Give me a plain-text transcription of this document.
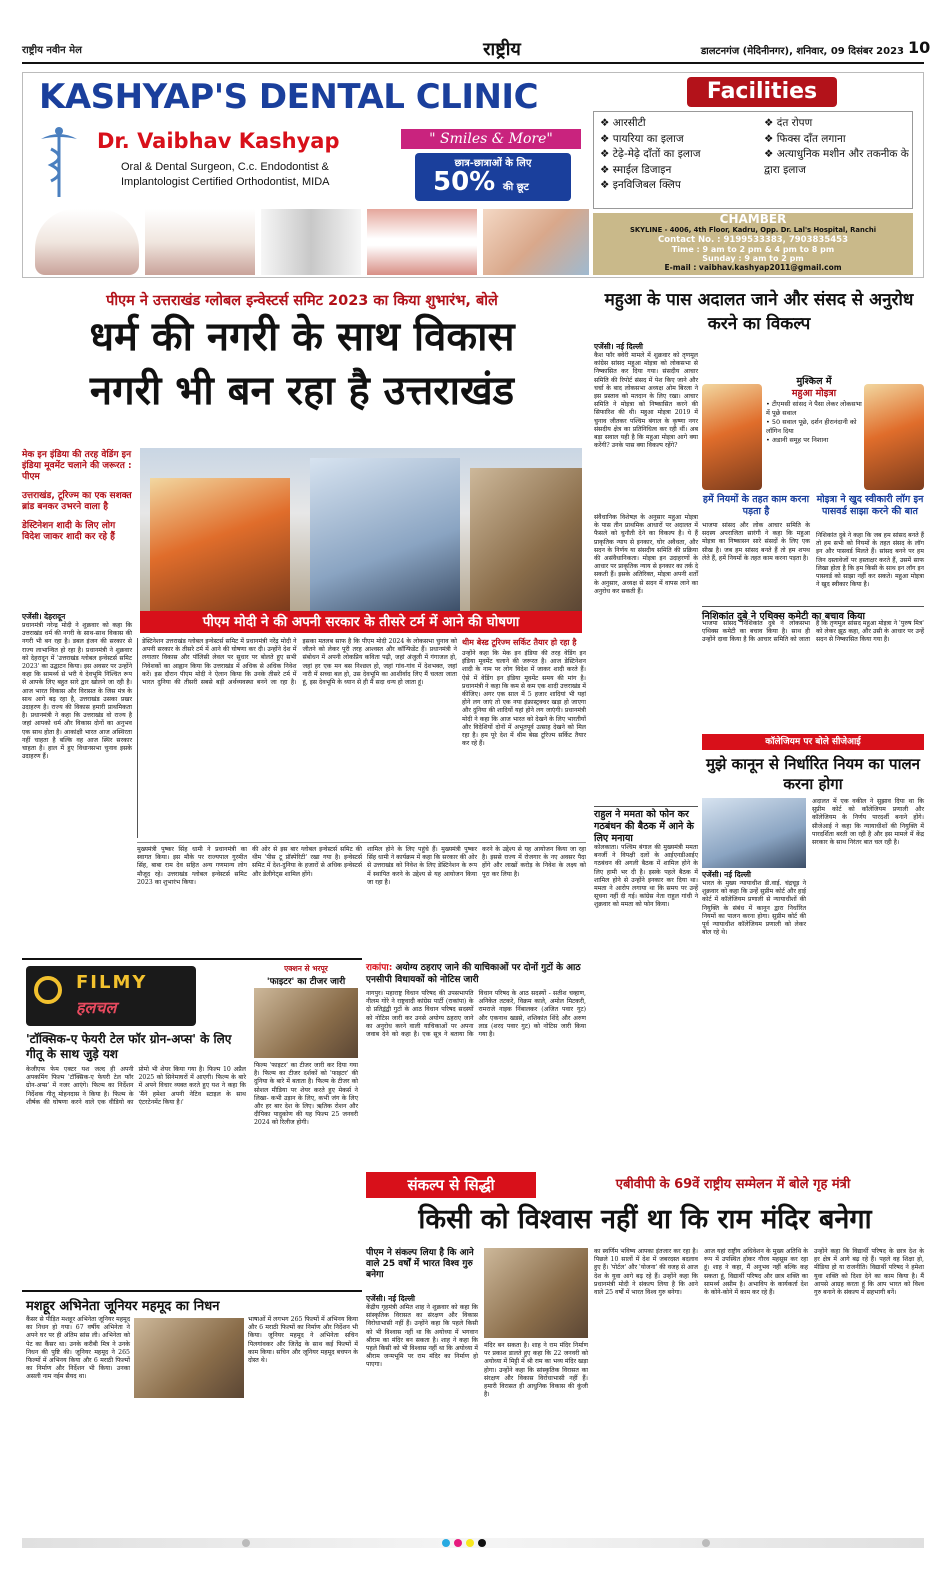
राष्ट्रीय नवीन मेल	राष्ट्रीय	डालटनगंज (मेदिनीनगर), शनिवार, 09 दिसंबर 2023 10
KASHYAP'S DENTAL CLINIC
Dr. Vaibhav Kashyap	" Smiles & More"
Oral & Dental Surgeon, C.c. Endodontist &
Implantologist Certified Orthodontist, MIDA
छात्र-छात्राओं के लिए
50% की छूट
Facilities
❖ आरसीटी
❖ पायरिया का इलाज
❖ टेढ़े-मेढ़े दाँतों का इलाज
❖ स्माईल डिजाइन
❖ इनविजिबल क्लिप
❖ दंत रोपण
❖ फिक्स दाँत लगाना
❖ अत्याधुनिक मशीन और तकनीक के द्वारा इलाज
CHAMBER
SKYLINE - 4006, 4th Floor, Kadru, Opp. Dr. Lal's Hospital, Ranchi
Contact No. : 9199533383, 7903835453
Time : 9 am to 2 pm & 4 pm to 8 pm
Sunday : 9 am to 2 pm
E-mail : vaibhav.kashyap2011@gmail.com
पीएम ने उत्तराखंड ग्लोबल इन्वेस्टर्स समिट 2023 का किया शुभारंभ, बोले
धर्म की नगरी के साथ विकास
नगरी भी बन रहा है उत्तराखंड
मेक इन इंडिया की तरह वेडिंग इन इंडिया मूवमेंट चलाने की जरूरत : पीएम
उत्तराखंड, टूरिज्म का एक सशक्त ब्रांड बनकर उभरने वाला है
डेस्टिनेशन शादी के लिए लोग विदेश जाकर शादी कर रहे हैं
पीएम मोदी ने की अपनी सरकार के तीसरे टर्म में आने की घोषणा
एजेंसी। देहरादून
प्रधानमंत्री नरेन्द्र मोदी ने शुक्रवार को कहा कि उत्तराखंड धर्म की नगरी के साथ-साथ विकास की नगरी भी बन रहा है। डबल इंजन की सरकार से राज्य लाभान्वित हो रहा है। प्रधानमंत्री ने शुक्रवार को देहरादून में 'उत्तराखंड ग्लोबल इन्वेस्टर्स समिट 2023' का उद्घाटन किया। इस अवसर पर उन्होंने कहा कि सामर्थ्य से भरी ये देवभूमि निश्चित रूप से आपके लिए बहुत सारे द्वार खोलने जा रही है। आज भारत विकास और विरासत के जिस मंत्र के साथ आगे बढ़ रहा है, उत्तराखंड उसका प्रखर उदाहरण है। राज्य की विकास हमारी प्राथमिकता है। प्रधानमंत्री ने कहा कि उत्तराखंड वो राज्य है जहां आपको धर्म और विकास दोनों का अनुभव एक साथ होता है। आकांक्षी भारत आज अस्थिरता नहीं चाहता है बल्कि वह आज स्थिर सरकार चाहता है। हाल में हुए विधानसभा चुनाव इसके उदाहरण हैं।
डेस्टिनेशन उत्तराखंड ग्लोबल इन्वेस्टर्स समिट में प्रधानमंत्री नरेंद्र मोदी ने अपनी सरकार के तीसरे टर्म में आने की घोषणा कर दी। उन्होंने देश में लगातार विकास और पॉलिसी लेवल पर सुधार पर बोलते हुए सभी निवेशकों का आह्वान किया कि उत्तराखंड में अधिक से अधिक निवेश करें। इस दौरान पीएम मोदी ने ऐलान किया कि उनके तीसरे टर्म में भारत दुनिया की तीसरी सबसे बड़ी अर्थव्यवस्था बनने जा रहा है। इसका मतलब साफ है कि पीएम मोदी 2024 के लोकसभा चुनाव को जीतने को लेकर पूरी तरह आश्वस्त और कॉन्फिडेंट हैं। प्रधानमंत्री ने संबोधन में अपनी लोकप्रिय कविता पढ़ी, जहां अंजुली में गंगाजल हो, जहां हर एक मन बस निश्छल हो, जहां गांव-गांव में देशभक्त, जहां नारी में सच्चा बल हो, उस देवभूमि का आशीर्वाद लिए मैं चलता जाता हूं, इस देवभूमि के ध्यान से ही मैं सदा धन्य हो जाता हूं।
थीम बेस्ड टूरिज्म सर्किट तैयार हो रहा है
उन्होंने कहा कि मेक इन इंडिया की तरह वेडिंग इन इंडिया मूवमेंट चलाने की जरूरत है। आज डेस्टिनेशन शादी के नाम पर लोग विदेश में जाकर शादी करते हैं। ऐसे में वेडिंग इन इंडिया मूवमेंट समय की मांग है। प्रधानमंत्री ने कहा कि कम से कम एक शादी उत्तराखंड में कीजिए। अगर एक साल में 5 हजार शादियां भी यहां होने लग जाएं तो एक नया इंफ्रास्ट्रक्चर खड़ा हो जाएगा और दुनिया की शादियों यहां होने लग जाएंगी। प्रधानमंत्री मोदी ने कहा कि आज भारत को देखने के लिए भारतीयों और विदेशियों दोनों में अभूतपूर्व उत्साह देखने को मिल रहा है। हम पूरे देश में थीम बेस्ड टूरिज्म सर्किट तैयार कर रहे हैं।
मुख्यमंत्री पुष्कर सिंह धामी ने प्रधानमंत्री का स्वागत किया। इस मौके पर राज्यपाल गुरमीत सिंह, बाबा राम देव सहित अन्य गणमान्य लोग मौजूद रहे। उत्तराखंड ग्लोबल इन्वेस्टर्स समिट 2023 का शुभारंभ किया।
की ओर से इस बार ग्लोबल इन्वेस्टर्स समिट की थीम 'पीस टू प्रॉस्पेरिटी' रखा गया है। इन्वेस्टर्स समिट में देश-दुनिया के हजारों से अधिक इन्वेस्टर्स और डेलीगेट्स शामिल होंगे।
शामिल होने के लिए पहुंचे हैं। मुख्यमंत्री पुष्कर सिंह धामी ने कार्यक्रम में कहा कि सरकार की ओर से उत्तराखंड को निवेश के लिए डेस्टिनेशन के रूप में स्थापित करने के उद्देश्य से यह आयोजन किया जा रहा है।
करने के उद्देश्य से यह आयोजन किया जा रहा है। इससे राज्य में रोजगार के नए अवसर पैदा होंगे और लाखों करोड़ के निवेश के लक्ष्य को पूरा कर लिया है।
FILMY
हलचल
'टॉक्सिक-ए फेयरी टेल फॉर ग्रोन-अप्स' के लिए गीतू के साथ जुड़े यश
केजीएफ फेम एक्टर यश जल्द ही अपनी अपकमिंग फिल्म 'टॉक्सिक-ए फेयरी टेल फॉर ग्रोन-अप्स' में नजर आएंगे। फिल्म का निर्देशन निर्देशक गीतू मोहनदास ने किया है। फिल्म के शीर्षक की घोषणा करने वाले एक वीडियो का प्रोमो भी शेयर किया गया है। फिल्म 10 अप्रैल 2025 को सिनेमाघरों में आएगी। फिल्म के बारे में अपने विचार व्यक्त करते हुए यश ने कहा कि 'मैंने हमेशा अपनी नेटिव स्टाइल के साथ एंटरटेनमेंट किया है।'
एक्शन से भरपूर
'फाइटर' का टीजर जारी
फिल्म 'फाइटर' का टीजर जारी कर दिया गया है। फिल्म का टीजर दर्शकों को 'फाइटर' की दुनिया के बारे में बताता है। फिल्म के टीजर को सोशल मीडिया पर शेयर करते हुए मेकर्स ने लिखा- कभी उड़ान के लिए, कभी जंग के लिए और हर बार देश के लिए। ऋतिक रोशन और दीपिका पादुकोण की यह फिल्म 25 जनवरी 2024 को रिलीज होगी।
मशहूर अभिनेता जूनियर महमूद का निधन
कैंसर से पीड़ित मशहूर अभिनेता जूनियर महमूद का निधन हो गया। 67 वर्षीय अभिनेता ने अपने घर पर ही अंतिम सांस ली। अभिनेता को पेट का कैंसर था। उनके करीबी मित्र ने उनके निधन की पुष्टि की। जूनियर महमूद ने 265 फिल्मों में अभिनय किया और 6 मराठी फिल्मों का निर्माण और निर्देशन भी किया। उनका असली नाम नईम सैयद था।
भाषाओं में लगभग 265 फिल्मों में अभिनय किया और 6 मराठी फिल्मों का निर्माण और निर्देशन भी किया। जूनियर महमूद ने अभिनेता सचिन पिलगांवकर और जितेंद्र के साथ कई फिल्मों में काम किया। सचिन और जूनियर महमूद बचपन के दोस्त थे।
राकांपा: अयोग्य ठहराए जाने की याचिकाओं पर दोनों गुटों के आठ एनसीपी विधायकों को नोटिस जारी
नागपुर। महाराष्ट्र विधान परिषद की उपसभापति नीलम गोरे ने राष्ट्रवादी कांग्रेस पार्टी (राकांपा) के दो प्रतिद्वंद्वी गुटों के आठ विधान परिषद सदस्यों को नोटिस जारी कर उनसे अयोग्य ठहराए जाने का अनुरोध करने वाली याचिकाओं पर अपना जवाब देने को कहा है। एक सूत्र ने बताया कि विधान परिषद के आठ सदस्यों - सतीश चव्हाण, अनिकेत तटकरे, विक्रम काले, अमोल मिटकरी, रामराजे नाइक निंबालकर (अजित पवार गुट) और एकनाथ खडसे, शशिकांत शिंदे और अरुण लाड (शरद पवार गुट) को नोटिस जारी किया गया है।
महुआ के पास अदालत जाने और संसद से अनुरोध करने का विकल्प
एजेंसी। नई दिल्ली
कैश फॉर क्वेरी मामले में शुक्रवार को तृणमूल कांग्रेस सांसद महुआ मोइत्रा को लोकसभा से निष्कासित कर दिया गया। संसदीय आचार समिति की रिपोर्ट संसद में पेश किए जाने और चर्चा के बाद लोकसभा अध्यक्ष ओम बिरला ने इस प्रस्ताव को मतदान के लिए रखा। आचार समिति ने मोइत्रा को निष्कासित करने की सिफारिश की थी। महुआ मोइत्रा 2019 में चुनाव जीतकर पश्चिम बंगाल के कृष्णा नगर संसदीय क्षेत्र का प्रतिनिधित्व कर रही थीं। अब बड़ा सवाल यही है कि महुआ मोइत्रा आगे क्या करेंगी? उनके पास क्या विकल्प रहेंगे?
संवैधानिक विशेषज्ञ के अनुसार महुआ मोइत्रा के पास तीन प्राथमिक आधारों पर अदालत में फैसले को चुनौती देने का विकल्प है। ये हैं प्राकृतिक न्याय से इनकार, घोर अवैधता, और सदन के निर्णय या संसदीय समिति की प्रक्रिया की असंवैधानिकता। मोइत्रा इन उदाहरणों के आधार पर प्राकृतिक न्याय से इनकार का तर्क दे सकती हैं। इसके अतिरिक्त, मोइत्रा अपनी शर्तों के अनुसार, अध्यक्ष से सदन में वापस लाने का अनुरोध कर सकती हैं।
मुश्किल में
महुआ मोइत्रा
• टीएमसी सांसद ने पैसा लेकर लोकसभा में पूछे सवाल
• 50 सवाल पूछे, दर्शन हीरानंदानी को लॉगिन दिया
• अडानी समूह पर निशाना
हमें नियमों के तहत काम करना पड़ता है
भाजपा सांसद और लोक आचार समिति के सदस्य अपराजिता सारंगी ने कहा कि महुआ मोइत्रा का निष्कासन सारे संसदों के लिए एक सीख है। जब हम सांसद बनते हैं तो हम शपथ लेते हैं, हमें नियमों के तहत काम करना पड़ता है।
मोइत्रा ने खुद स्वीकारी लॉग इन पासवर्ड साझा करने की बात
निशिकांत दुबे ने कहा कि जब हम सांसद बनते हैं तो हम सभी को नियमों के तहत संसद के लॉग इन और पासवर्ड मिलते हैं। सांसद बनने पर हम जिन दस्तावेजों पर हस्ताक्षर करते हैं, उसमें साफ लिखा होता है कि हम किसी के साथ इन लॉग इन पासवर्ड को साझा नहीं कर सकते। महुआ मोइत्रा ने खुद स्वीकार किया है।
निशिकांत दुबे ने एथिक्स कमेटी का बचाव किया
भाजपा सांसद निशिकांत दुबे ने लोकसभा एथिक्स कमेटी का बचाव किया है। साथ ही उन्होंने दावा किया है कि आचार समिति को जाता है कि तृणमूल सांसद महुआ मोइत्रा ने 'पुरुष मित्र' को लेकर झूठ कहा, और उसी के आधार पर उन्हें सदन से निष्कासित किया गया है।
राहुल ने ममता को फोन कर गठबंधन की बैठक में आने के लिए मनाया
कोलकाता। पश्चिम बंगाल की मुख्यमंत्री ममता बनर्जी ने विपक्षी दलों के आईएनडीआईए गठबंधन की अगली बैठक में शामिल होने के लिए हामी भर दी है। इसके पहले बैठक में शामिल होने से उन्होंने इनकार कर दिया था। ममता ने आरोप लगाया था कि समय पर उन्हें सूचना नहीं दी गई। कांग्रेस नेता राहुल गांधी ने शुक्रवार को ममता को फोन किया।
कॉलेजियम पर बोले सीजेआई
मुझे कानून से निर्धारित नियम का पालन करना होगा
एजेंसी। नई दिल्ली
भारत के मुख्य न्यायाधीश डी.वाई. चंद्रचूड़ ने शुक्रवार को कहा कि उन्हें सुप्रीम कोर्ट और हाई कोर्ट में कॉलेजियम प्रणाली से न्यायाधीशों की नियुक्ति के संबंध में कानून द्वारा निर्धारित नियमों का पालन करना होगा। सुप्रीम कोर्ट की पूर्व न्यायाधीश कॉलेजियम प्रणाली को लेकर बोल रहे थे।
अदालत में एक वकील ने सुझाव दिया था कि सुप्रीम कोर्ट को कॉलेजियम प्रणाली और कॉलेजियम के निर्णय पारदर्शी बनाने होंगे। सीजेआई ने कहा कि न्यायाधीशों की नियुक्ति में पारदर्शिता बरती जा रही है और इस मामले में केंद्र सरकार के साथ निरंतर बात चल रही है।
संकल्प से सिद्धी	एबीवीपी के 69वें राष्ट्रीय सम्मेलन में बोले गृह मंत्री
किसी को विश्वास नहीं था कि राम मंदिर बनेगा
पीएम ने संकल्प लिया है कि आने वाले 25 वर्षों में भारत विश्व गुरु बनेगा
एजेंसी। नई दिल्ली
केंद्रीय गृहमंत्री अमित शाह ने शुक्रवार को कहा कि सांस्कृतिक विरासत का संरक्षण और विकास विरोधाभासी नहीं हैं। उन्होंने कहा कि पहले किसी को भी विश्वास नहीं था कि अयोध्या में भगवान श्रीराम का मंदिर बन सकता है। शाह ने कहा कि पहले किसी को भी विश्वास नहीं था कि अयोध्या में श्रीराम जन्मभूमि पर राम मंदिर का निर्माण हो पाएगा।
मंदिर बन सकता है। शाह ने राम मंदिर निर्माण पर प्रकाश डालते हुए कहा कि 22 जनवरी को अयोध्या में मिट्टी में श्री राम का भव्य मंदिर खड़ा होगा। उन्होंने कहा कि सांस्कृतिक विरासत का संरक्षण और विकास विरोधाभासी नहीं हैं। हमारी विरासत ही आधुनिक विकास की कुंजी है।
का स्वर्णिम भविष्य आपका इंतजार कर रहा है। पिछले 10 सालों में देश में जबरदस्त बदलाव हुए हैं। 'पोर्टल' और 'योजना' की वजह से आज देश के युवा आगे बढ़ रहे हैं। उन्होंने कहा कि प्रधानमंत्री मोदी ने संकल्प लिया है कि आने वाले 25 वर्षों में भारत विश्व गुरु बनेगा।
आज यहां राष्ट्रीय अधिवेशन के मुख्य अतिथि के रूप में उपस्थित होकर गौरव महसूस कर रहा हूं। शाह ने कहा, मैं अनुभव नहीं बल्कि कह सकता हूं, विद्यार्थी परिषद और छात्र शक्ति का सामर्थ्य असीम है। अभाविप के कार्यकर्ता देश के कोने-कोने में काम कर रहे हैं।
उन्होंने कहा कि विद्यार्थी परिषद के छात्र देश के हर क्षेत्र में आगे बढ़ रहे हैं। पहले वह शिक्षा हो, मीडिया हो या राजनीति। विद्यार्थी परिषद ने हमेशा युवा शक्ति को दिशा देने का काम किया है। मैं आपसे आग्रह करता हूं कि आप भारत को विश्व गुरु बनाने के संकल्प में सहभागी बनें।
